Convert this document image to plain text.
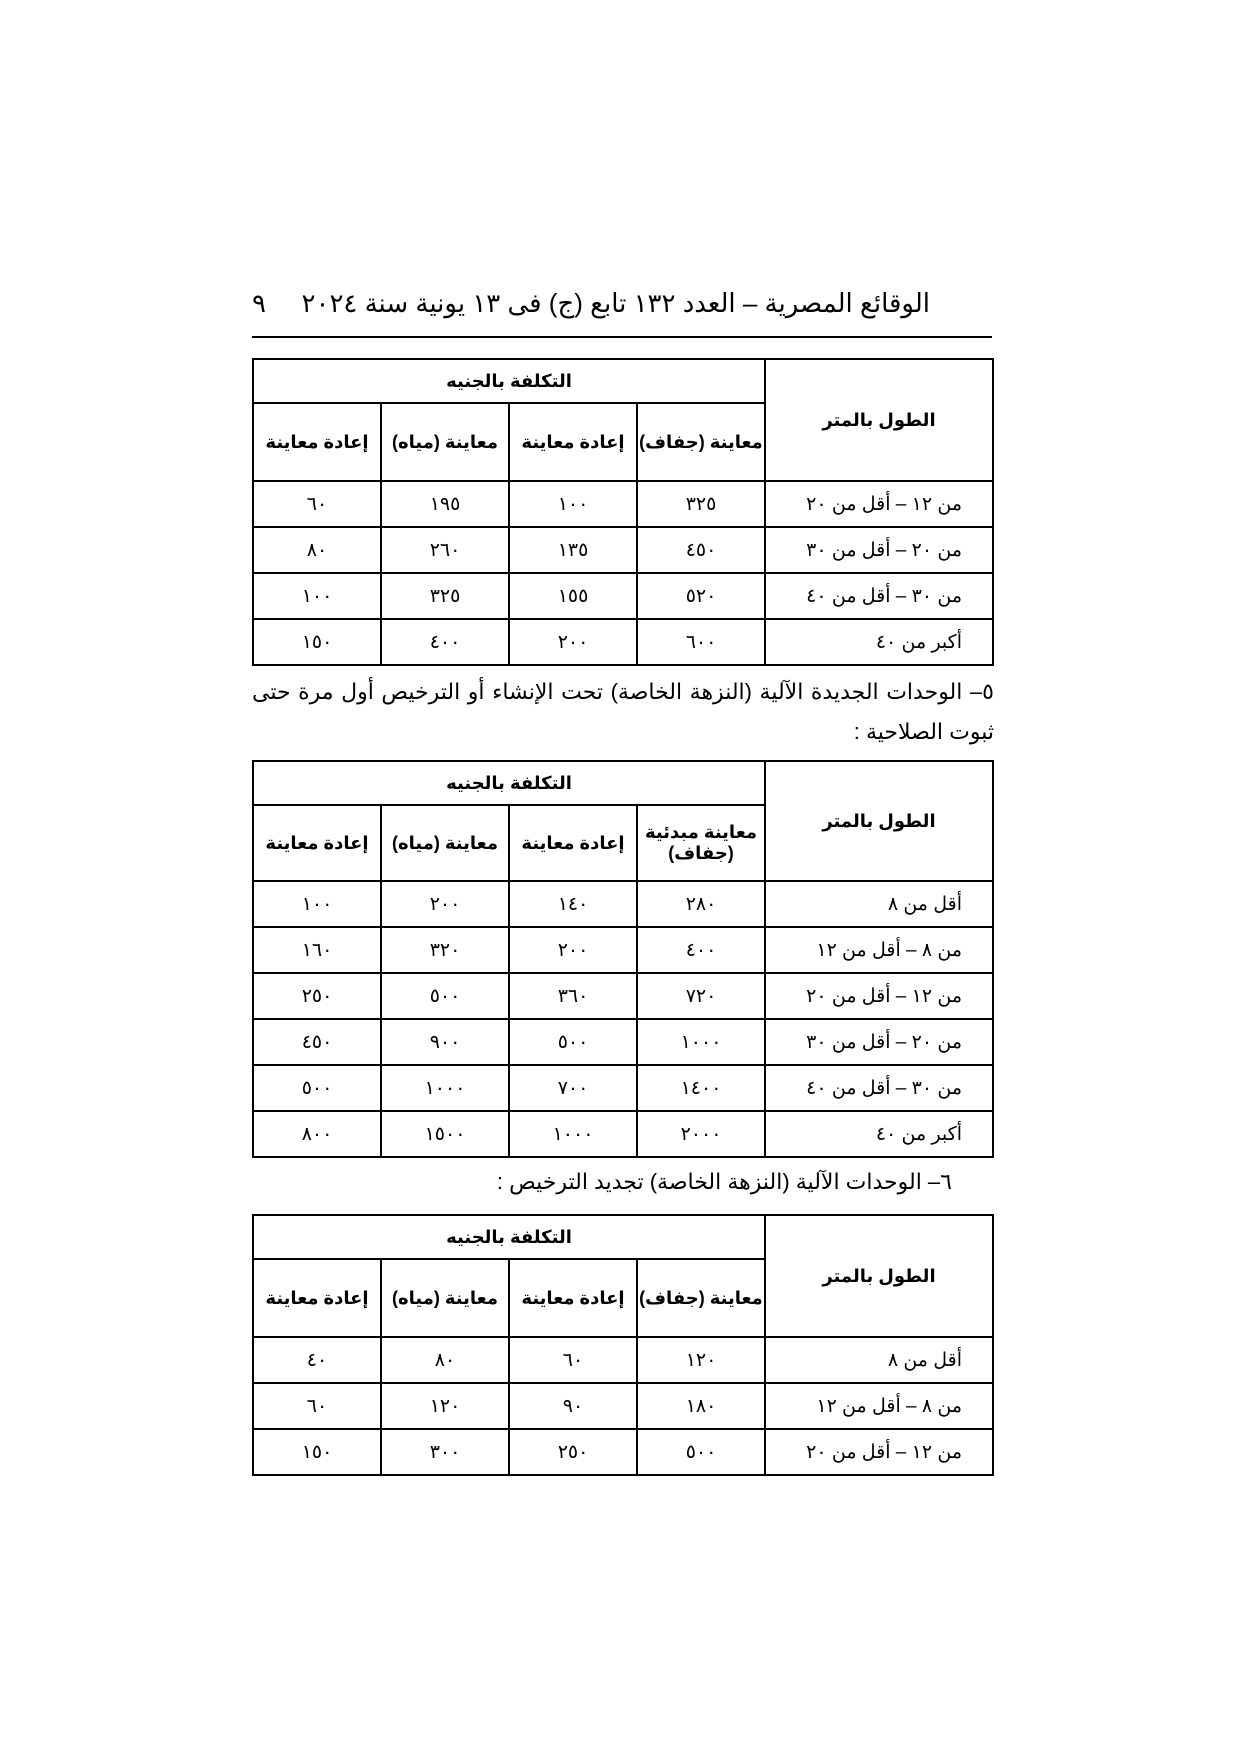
الوقائع المصرية – العدد ١٣٢ تابع (ج) فى ١٣ يونية سنة ٢٠٢٤
٩
الطول بالمتر	التكلفة بالجنيه			
	معاينة (جفاف)	إعادة معاينة	معاينة (مياه)	إعادة معاينة
من ١٢ – أقل من ٢٠	٣٢٥	١٠٠	١٩٥	٦٠
من ٢٠ – أقل من ٣٠	٤٥٠	١٣٥	٢٦٠	٨٠
من ٣٠ – أقل من ٤٠	٥٢٠	١٥٥	٣٢٥	١٠٠
أكبر من ٤٠	٦٠٠	٢٠٠	٤٠٠	١٥٠
٥– الوحدات الجديدة الآلية (النزهة الخاصة) تحت الإنشاء أو الترخيص أول مرة حتى ثبوت الصلاحية :
الطول بالمتر	التكلفة بالجنيه			
	معاينة مبدئية (جفاف)	إعادة معاينة	معاينة (مياه)	إعادة معاينة
أقل من ٨	٢٨٠	١٤٠	٢٠٠	١٠٠
من ٨ – أقل من ١٢	٤٠٠	٢٠٠	٣٢٠	١٦٠
من ١٢ – أقل من ٢٠	٧٢٠	٣٦٠	٥٠٠	٢٥٠
من ٢٠ – أقل من ٣٠	١٠٠٠	٥٠٠	٩٠٠	٤٥٠
من ٣٠ – أقل من ٤٠	١٤٠٠	٧٠٠	١٠٠٠	٥٠٠
أكبر من ٤٠	٢٠٠٠	١٠٠٠	١٥٠٠	٨٠٠
٦– الوحدات الآلية (النزهة الخاصة) تجديد الترخيص :
الطول بالمتر	التكلفة بالجنيه			
	معاينة (جفاف)	إعادة معاينة	معاينة (مياه)	إعادة معاينة
أقل من ٨	١٢٠	٦٠	٨٠	٤٠
من ٨ – أقل من ١٢	١٨٠	٩٠	١٢٠	٦٠
من ١٢ – أقل من ٢٠	٥٠٠	٢٥٠	٣٠٠	١٥٠
